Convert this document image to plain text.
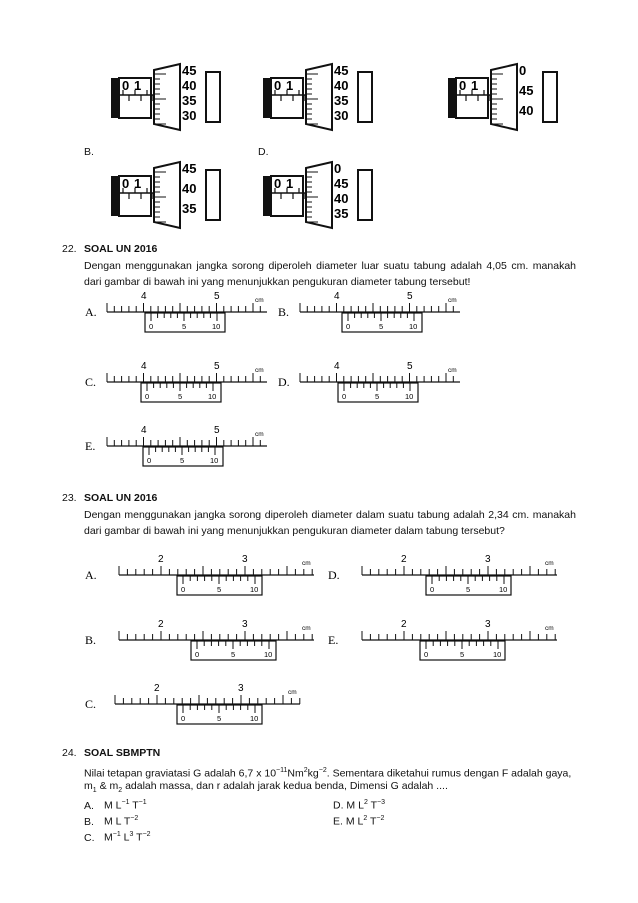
0 1
45
40
35
30
0 1
45
40
35
30
0 1
0
45
40
B.	D.
0 1
45
40
35
0 1
0
45
40
35
22. SOAL UN 2016
Dengan menggunakan jangka sorong diperoleh diameter luar suatu tabung adalah 4,05 cm. manakah dari gambar di bawah ini yang menunjukkan pengukuran diameter tabung tersebut!
A.
4	5	cm
0	5	10
B.
4	5	cm
0	5	10
C.
4	5	cm
0	5	10
D.
4	5	cm
0	5	10
E.
4	5	cm
0	5	10
23. SOAL UN 2016
Dengan menggunakan jangka sorong diperoleh diameter dalam suatu tabung adalah 2,34 cm. manakah dari gambar di bawah ini yang menunjukkan pengukuran diameter dalam tabung tersebut?
A.
2	3	cm
0	5	10
D.
2	3	cm
0	5	10
B.
2	3	cm
0	5	10
E.
2	3	cm
0	5	10
C.
2	3	cm
0	5	10
24. SOAL SBMPTN
Nilai tetapan graviatasi G adalah 6,7 x $10^{-11}Nm^2kg^{-2}$. Sementara diketahui rumus dengan F adalah gaya,
$m_1$ & $m_2$ adalah massa, dan r adalah jarak kedua benda, Dimensi G adalah ....
A. M $L^{-1}$ $T^{-1}$	D. M $L^2$ $T^{-3}$
B. M L $T^{-2}$	E. M $L^2$ $T^{-2}$
C. $M^{-1}$ $L^3$ $T^{-2}$
